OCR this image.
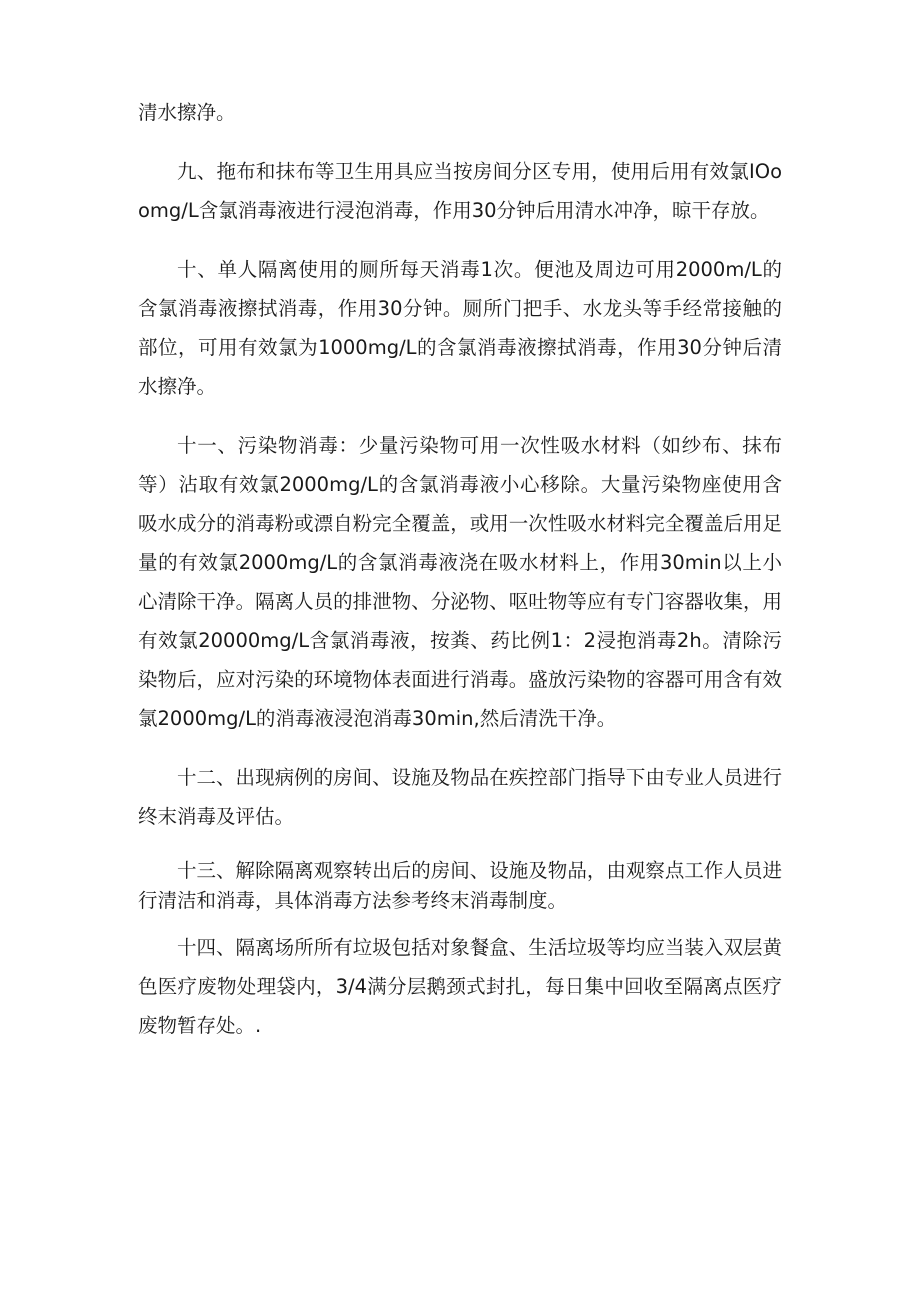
清水擦净。

九、拖布和抹布等卫生用具应当按房间分区专用，使用后用有效氯IOoomg/L含氯消毒液进行浸泡消毒，作用30分钟后用清水冲净，晾干存放。

十、单人隔离使用的厕所每天消毒1次。便池及周边可用2000m∕L的含氯消毒液擦拭消毒，作用30分钟。厕所门把手、水龙头等手经常接触的部位，可用有效氯为1000mg∕L的含氯消毒液擦拭消毒，作用30分钟后清水擦净。

十一、污染物消毒：少量污染物可用一次性吸水材料（如纱布、抹布等）沾取有效氯2000mg∕L的含氯消毒液小心移除。大量污染物座使用含吸水成分的消毒粉或漂自粉完全覆盖，或用一次性吸水材料完全覆盖后用足量的有效氯2000mg∕L的含氯消毒液浇在吸水材料上，作用30min以上小心清除干净。隔离人员的排泄物、分泌物、呕吐物等应有专门容器收集，用有效氯20000mg∕L含氯消毒液，按粪、药比例1：2浸抱消毒2h。清除污染物后，应对污染的环境物体表面进行消毒。盛放污染物的容器可用含有效氯2000mg∕L的消毒液浸泡消毒30min,然后清洗干净。

十二、出现病例的房间、设施及物品在疾控部门指导下由专业人员进行终末消毒及评估。

十三、解除隔离观察转出后的房间、设施及物品，由观察点工作人员进行清洁和消毒，具体消毒方法参考终末消毒制度。

十四、隔离场所所有垃圾包括对象餐盒、生活垃圾等均应当装入双层黄色医疗废物处理袋内，3/4满分层鹅颈式封扎，每日集中回收至隔离点医疗废物暂存处。.
